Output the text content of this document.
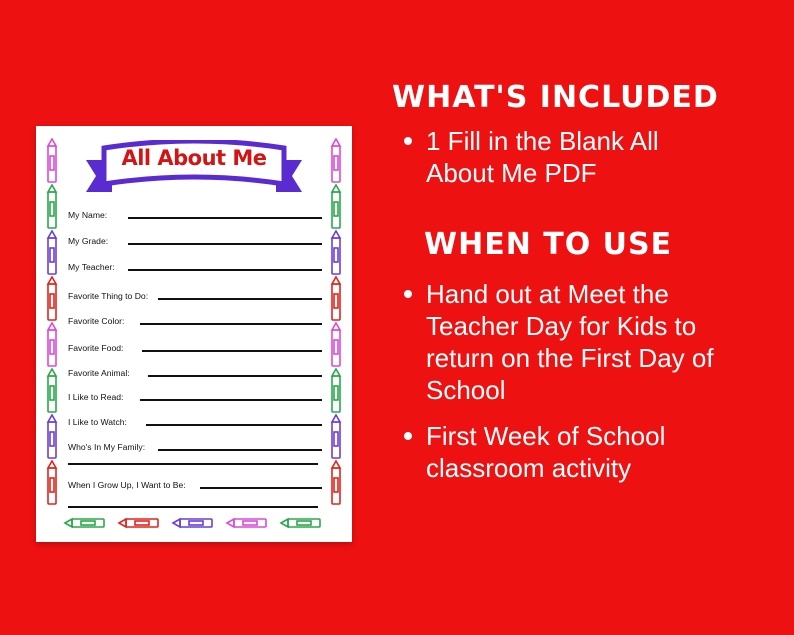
All About Me
My Name:
My Grade:
My Teacher:
Favorite Thing to Do:
Favorite Color:
Favorite Food:
Favorite Animal:
I Like to Read:
I Like to Watch:
Who's In My Family:
When I Grow Up, I Want to Be:
WHAT'S INCLUDED
1 Fill in the Blank All About Me PDF
WHEN TO USE
Hand out at Meet the Teacher Day for Kids to return on the First Day of School
First Week of School classroom activity
